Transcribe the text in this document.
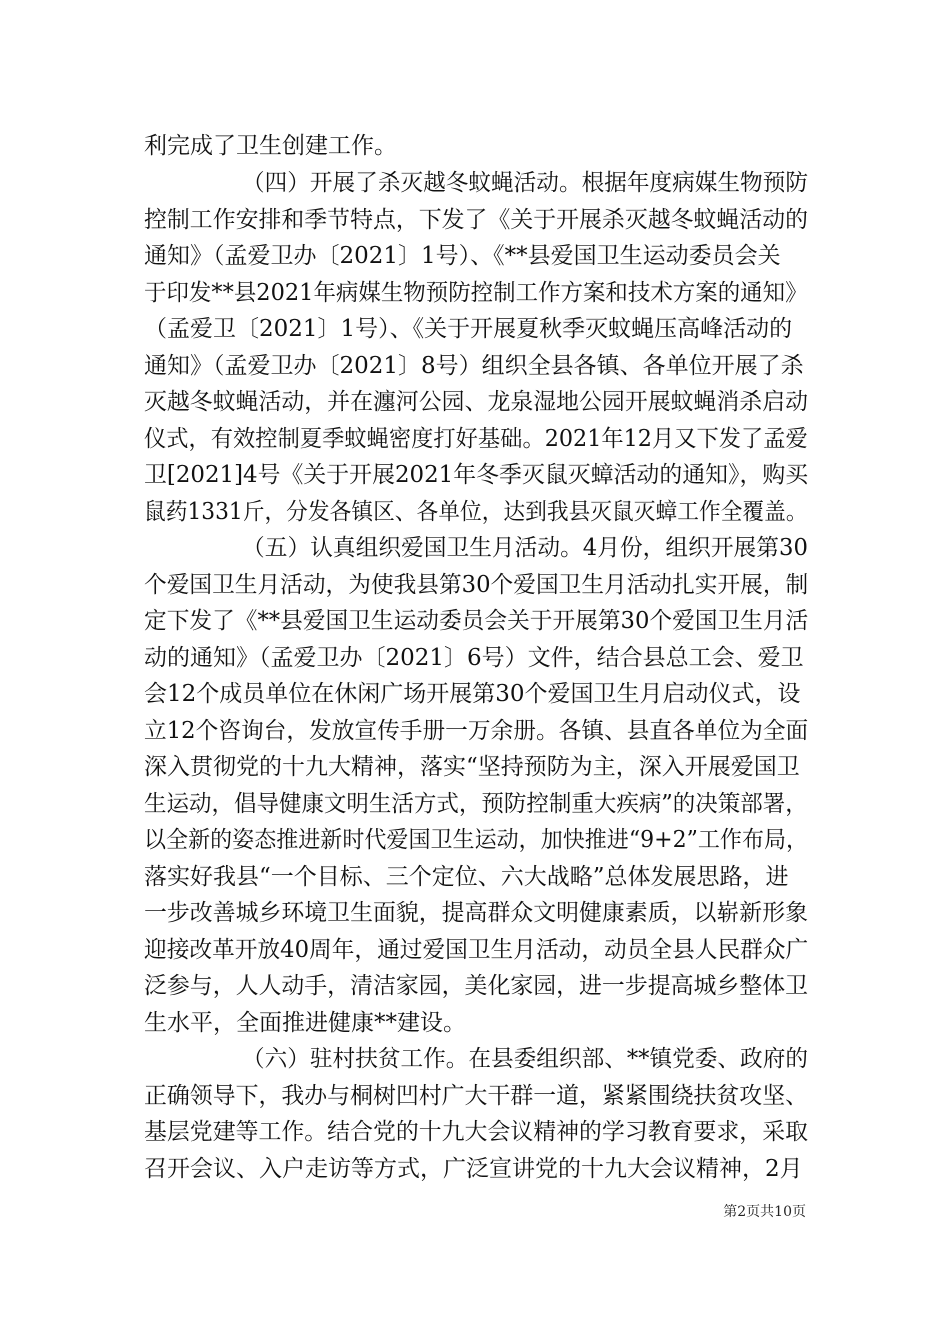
利完成了卫生创建工作。
（四）开展了杀灭越冬蚊蝇活动。根据年度病媒生物预防
控制工作安排和季节特点，下发了《关于开展杀灭越冬蚊蝇活动的
通知》（孟爱卫办〔2021〕1号）、《**县爱国卫生运动委员会关
于印发**县2021年病媒生物预防控制工作方案和技术方案的通知》
（孟爱卫〔2021〕1号）、《关于开展夏秋季灭蚊蝇压高峰活动的
通知》（孟爱卫办〔2021〕8号）组织全县各镇、各单位开展了杀
灭越冬蚊蝇活动，并在瀍河公园、龙泉湿地公园开展蚊蝇消杀启动
仪式，有效控制夏季蚊蝇密度打好基础。2021年12月又下发了孟爱
卫[2021]4号《关于开展2021年冬季灭鼠灭蟑活动的通知》，购买
鼠药1331斤，分发各镇区、各单位，达到我县灭鼠灭蟑工作全覆盖。
（五）认真组织爱国卫生月活动。4月份，组织开展第30
个爱国卫生月活动，为使我县第30个爱国卫生月活动扎实开展，制
定下发了《**县爱国卫生运动委员会关于开展第30个爱国卫生月活
动的通知》（孟爱卫办〔2021〕6号）文件，结合县总工会、爱卫
会12个成员单位在休闲广场开展第30个爱国卫生月启动仪式，设
立12个咨询台，发放宣传手册一万余册。各镇、县直各单位为全面
深入贯彻党的十九大精神，落实“坚持预防为主，深入开展爱国卫
生运动，倡导健康文明生活方式，预防控制重大疾病”的决策部署，
以全新的姿态推进新时代爱国卫生运动，加快推进“9+2”工作布局，
落实好我县“一个目标、三个定位、六大战略”总体发展思路，进
一步改善城乡环境卫生面貌，提高群众文明健康素质，以崭新形象
迎接改革开放40周年，通过爱国卫生月活动，动员全县人民群众广
泛参与，人人动手，清洁家园，美化家园，进一步提高城乡整体卫
生水平，全面推进健康**建设。
（六）驻村扶贫工作。在县委组织部、**镇党委、政府的
正确领导下，我办与桐树凹村广大干群一道，紧紧围绕扶贫攻坚、
基层党建等工作。结合党的十九大会议精神的学习教育要求，采取
召开会议、入户走访等方式，广泛宣讲党的十九大会议精神，2月
第2页共10页
